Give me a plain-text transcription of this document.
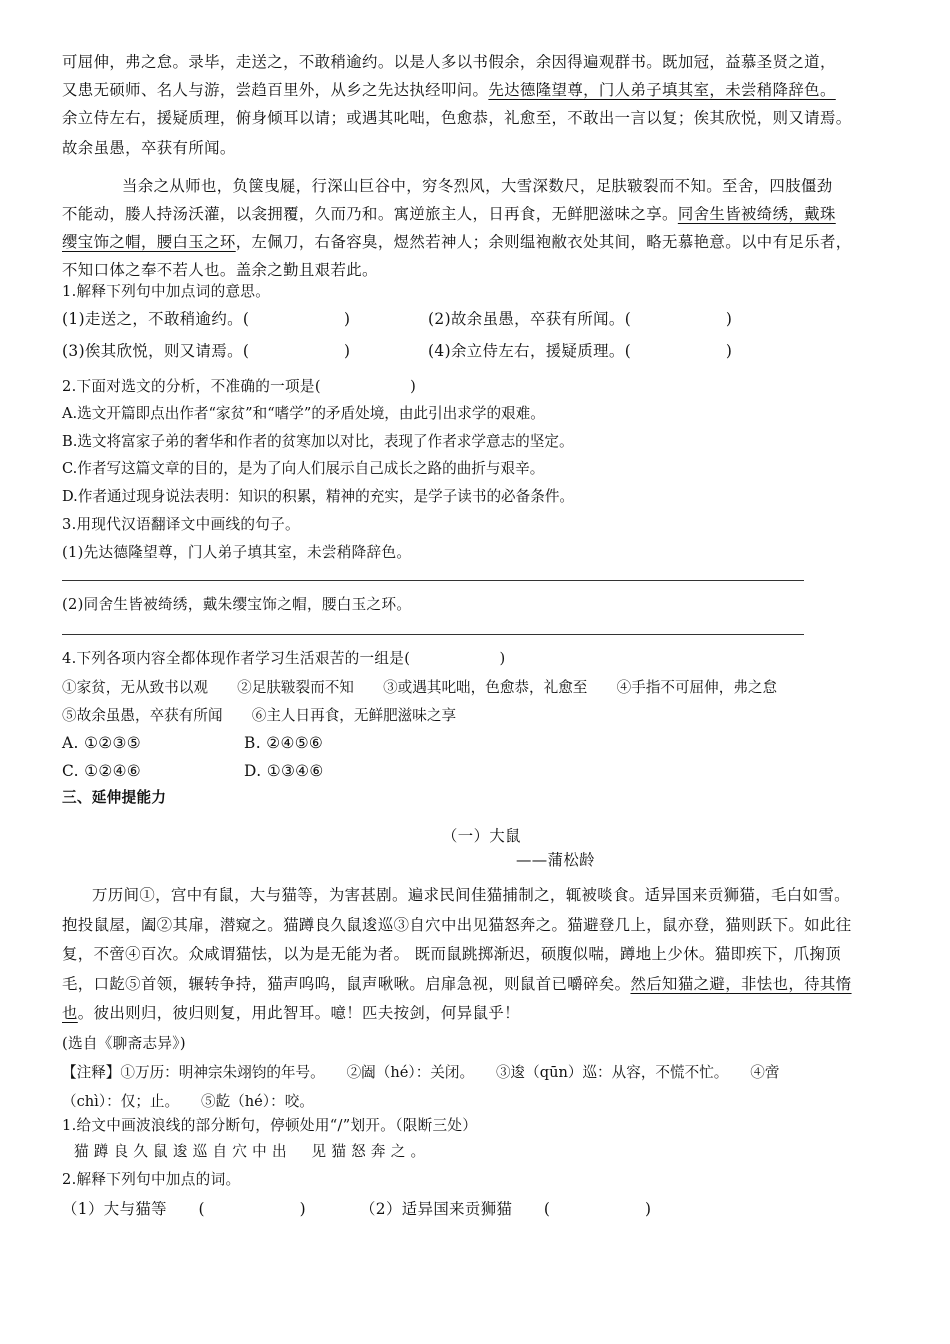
可屈伸，弗之怠。录毕，走送之，不敢稍逾约。以是人多以书假余，余因得遍观群书。既加冠，益慕圣贤之道，
又患无硕师、名人与游，尝趋百里外，从乡之先达执经叩问。先达德隆望尊，门人弟子填其室，未尝稍降辞色。
余立侍左右，援疑质理，俯身倾耳以请；或遇其叱咄，色愈恭，礼愈至，不敢出一言以复；俟其欣悦，则又请焉。
故余虽愚，卒获有所闻。
当余之从师也，负箧曳屣，行深山巨谷中，穷冬烈风，大雪深数尺，足肤皲裂而不知。至舍，四肢僵劲
不能动，媵人持汤沃灌，以衾拥覆，久而乃和。寓逆旅主人，日再食，无鲜肥滋味之享。同舍生皆被绮绣，戴珠
缨宝饰之帽，腰白玉之环，左佩刀，右备容臭，煜然若神人；余则缊袍敝衣处其间，略无慕艳意。以中有足乐者，
不知口体之奉不若人也。盖余之勤且艰若此。
1.解释下列句中加点词的意思。
(1)走送之，不敢稍逾约。(　　　　　　)	(2)故余虽愚，卒获有所闻。(　　　　　　)
(3)俟其欣悦，则又请焉。(　　　　　　)	(4)余立侍左右，援疑质理。(　　　　　　)
2.下面对选文的分析，不准确的一项是(　　　　　　)
A.选文开篇即点出作者“家贫”和“嗜学”的矛盾处境，由此引出求学的艰难。
B.选文将富家子弟的奢华和作者的贫寒加以对比，表现了作者求学意志的坚定。
C.作者写这篇文章的目的，是为了向人们展示自己成长之路的曲折与艰辛。
D.作者通过现身说法表明：知识的积累，精神的充实，是学子读书的必备条件。
3.用现代汉语翻译文中画线的句子。
(1)先达德隆望尊，门人弟子填其室，未尝稍降辞色。
(2)同舍生皆被绮绣，戴朱缨宝饰之帽，腰白玉之环。
4.下列各项内容全都体现作者学习生活艰苦的一组是(　　　　　　)
①家贫，无从致书以观　　②足肤皲裂而不知　　③或遇其叱咄，色愈恭，礼愈至　　④手指不可屈伸，弗之怠
⑤故余虽愚，卒获有所闻　　⑥主人日再食，无鲜肥滋味之享
A. ①②③⑤	B. ②④⑤⑥
C. ①②④⑥	D. ①③④⑥
三、延伸提能力
（一）大鼠
——蒲松龄
万历间①，宫中有鼠，大与猫等，为害甚剧。遍求民间佳猫捕制之，辄被啖食。适异国来贡狮猫，毛白如雪。
抱投鼠屋，阖②其扉，潜窥之。猫蹲良久鼠逡巡③自穴中出见猫怒奔之。猫避登几上，鼠亦登，猫则跃下。如此往
复，不啻④百次。众咸谓猫怯，以为是无能为者。 既而鼠跳掷渐迟，硕腹似喘，蹲地上少休。猫即疾下，爪掬顶
毛，口龁⑤首领，辗转争持，猫声呜呜，鼠声啾啾。启扉急视，则鼠首已嚼碎矣。然后知猫之避，非怯也，待其惰
也。彼出则归，彼归则复，用此智耳。噫！匹夫按剑，何异鼠乎！
(选自《聊斋志异》)
【注释】①万历：明神宗朱翊钧的年号。　　②阖（hé）：关闭。　　③逡（qūn）巡：从容，不慌不忙。　　④啻
（chì）：仅；止。　　⑤龁（hé）：咬。
1.给文中画波浪线的部分断句，停顿处用“/”划开。（限断三处）
猫蹲良久鼠逡巡自穴中出　见猫怒奔之。
2.解释下列句中加点的词。
（1）大与猫等　　(　　　　　　)	（2）适异国来贡狮猫　　(　　　　　　)
